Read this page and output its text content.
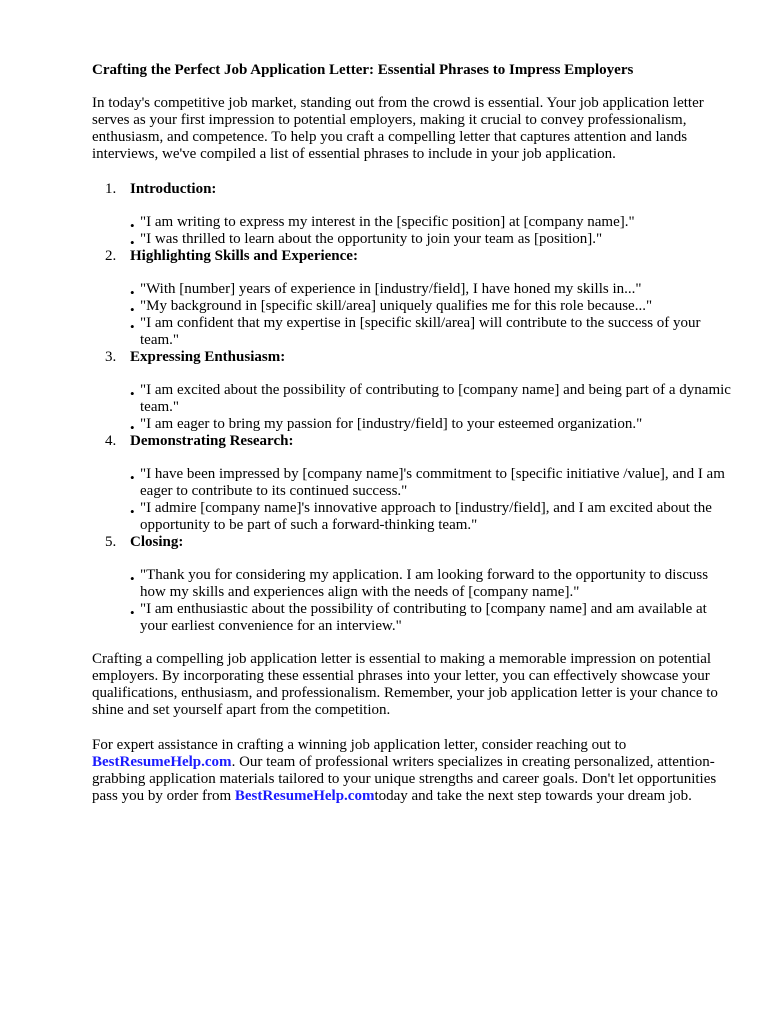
Crafting the Perfect Job Application Letter: Essential Phrases to Impress Employers

In today's competitive job market, standing out from the crowd is essential. Your job application letter serves as your first impression to potential employers, making it crucial to convey professionalism, enthusiasm, and competence. To help you craft a compelling letter that captures attention and lands interviews, we've compiled a list of essential phrases to include in your job application.

1. Introduction:
• "I am writing to express my interest in the [specific position] at [company name]."
• "I was thrilled to learn about the opportunity to join your team as [position]."
2. Highlighting Skills and Experience:
• "With [number] years of experience in [industry/field], I have honed my skills in..."
• "My background in [specific skill/area] uniquely qualifies me for this role because..."
• "I am confident that my expertise in [specific skill/area] will contribute to the success of your team."
3. Expressing Enthusiasm:
• "I am excited about the possibility of contributing to [company name] and being part of a dynamic team."
• "I am eager to bring my passion for [industry/field] to your esteemed organization."
4. Demonstrating Research:
• "I have been impressed by [company name]'s commitment to [specific initiative /value], and I am eager to contribute to its continued success."
• "I admire [company name]'s innovative approach to [industry/field], and I am excited about the opportunity to be part of such a forward-thinking team."
5. Closing:
• "Thank you for considering my application. I am looking forward to the opportunity to discuss how my skills and experiences align with the needs of [company name]."
• "I am enthusiastic about the possibility of contributing to [company name] and am available at your earliest convenience for an interview."

Crafting a compelling job application letter is essential to making a memorable impression on potential employers. By incorporating these essential phrases into your letter, you can effectively showcase your qualifications, enthusiasm, and professionalism. Remember, your job application letter is your chance to shine and set yourself apart from the competition.

For expert assistance in crafting a winning job application letter, consider reaching out to
BestResumeHelp.com. Our team of professional writers specializes in creating personalized, attention-grabbing application materials tailored to your unique strengths and career goals. Don't let opportunities pass you by order from BestResumeHelp.comtoday and take the next step towards your dream job.
